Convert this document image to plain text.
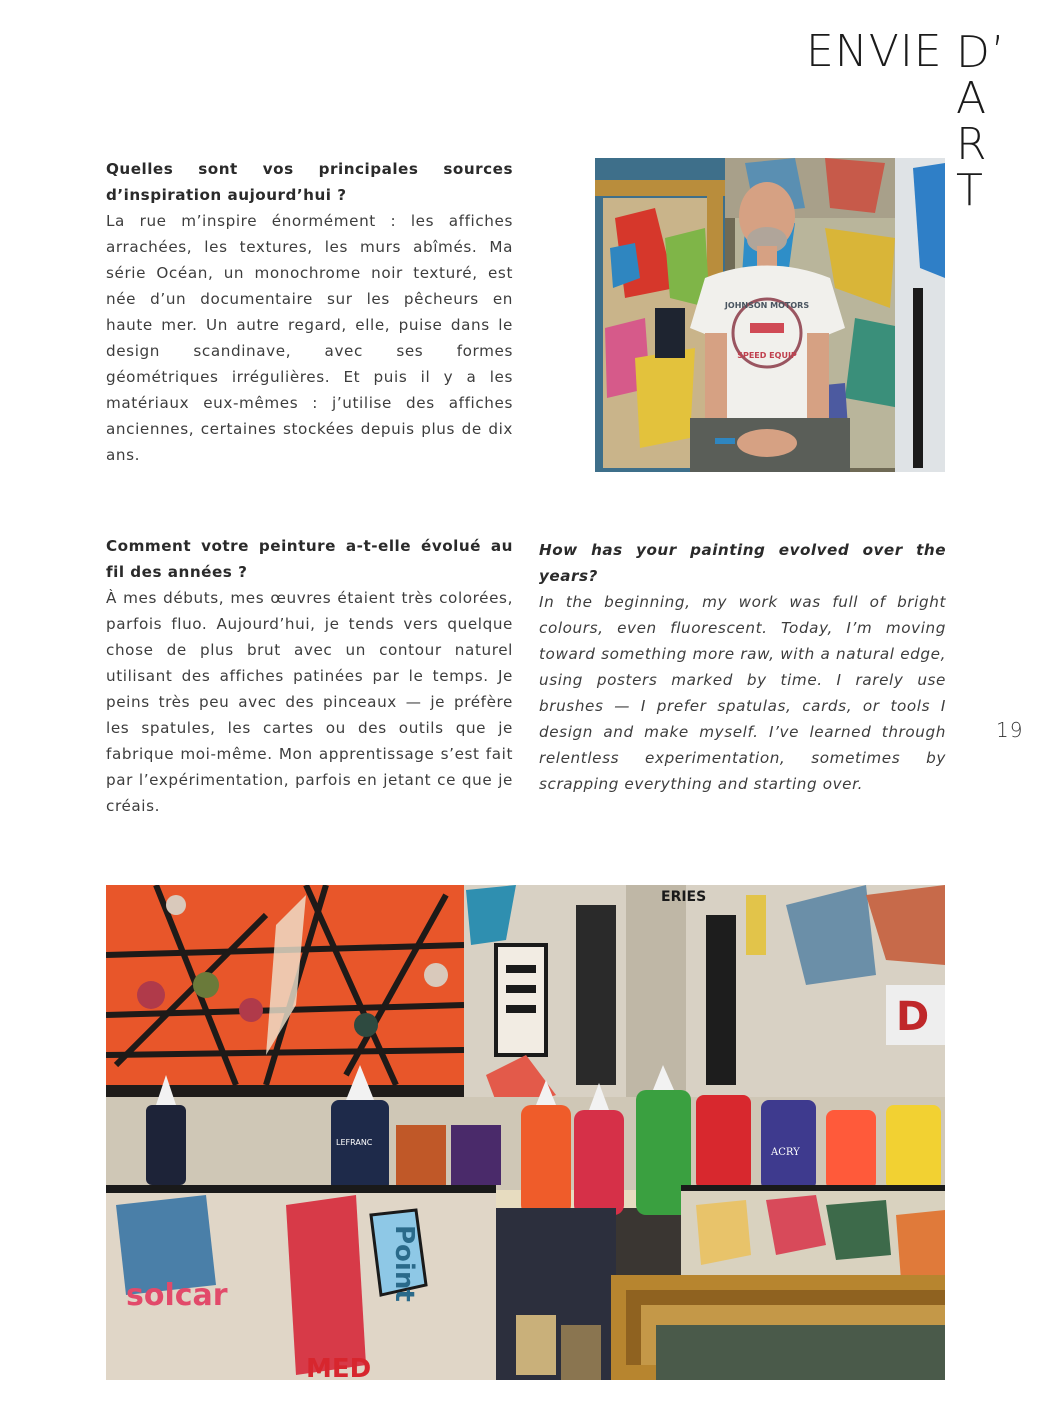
ENVIE D’
A
R
T

Quelles sont vos principales sources d’inspiration aujourd’hui ?

La rue m’inspire énormément : les affiches arrachées, les textures, les murs abîmés. Ma série Océan, un monochrome noir texturé, est née d’un documentaire sur les pêcheurs en haute mer. Un autre regard, elle, puise dans le design scandinave, avec ses formes géométriques irrégulières. Et puis il y a les matériaux eux-mêmes : j’utilise des affiches anciennes, certaines stockées depuis plus de dix ans.

JOHNSON MOTORS
SPEED EQUIP

Comment votre peinture a-t-elle évolué au fil des années ?

À mes débuts, mes œuvres étaient très colorées, parfois fluo. Aujourd’hui, je tends vers quelque chose de plus brut avec un contour naturel utilisant des affiches patinées par le temps. Je peins très peu avec des pinceaux — je préfère les spatules, les cartes ou des outils que je fabrique moi-même. Mon apprentissage s’est fait par l’expérimentation, parfois en jetant ce que je créais.

How has your painting evolved over the years?

In the beginning, my work was full of bright colours, even fluorescent. Today, I’m moving toward something more raw, with a natural edge, using posters marked by time. I rarely use brushes — I prefer spatulas, cards, or tools I design and make myself. I’ve learned through relentless experimentation, sometimes by scrapping everything and starting over.

19
D
ERIES
LEFRANC
ACRY
Point
solcar
MED
